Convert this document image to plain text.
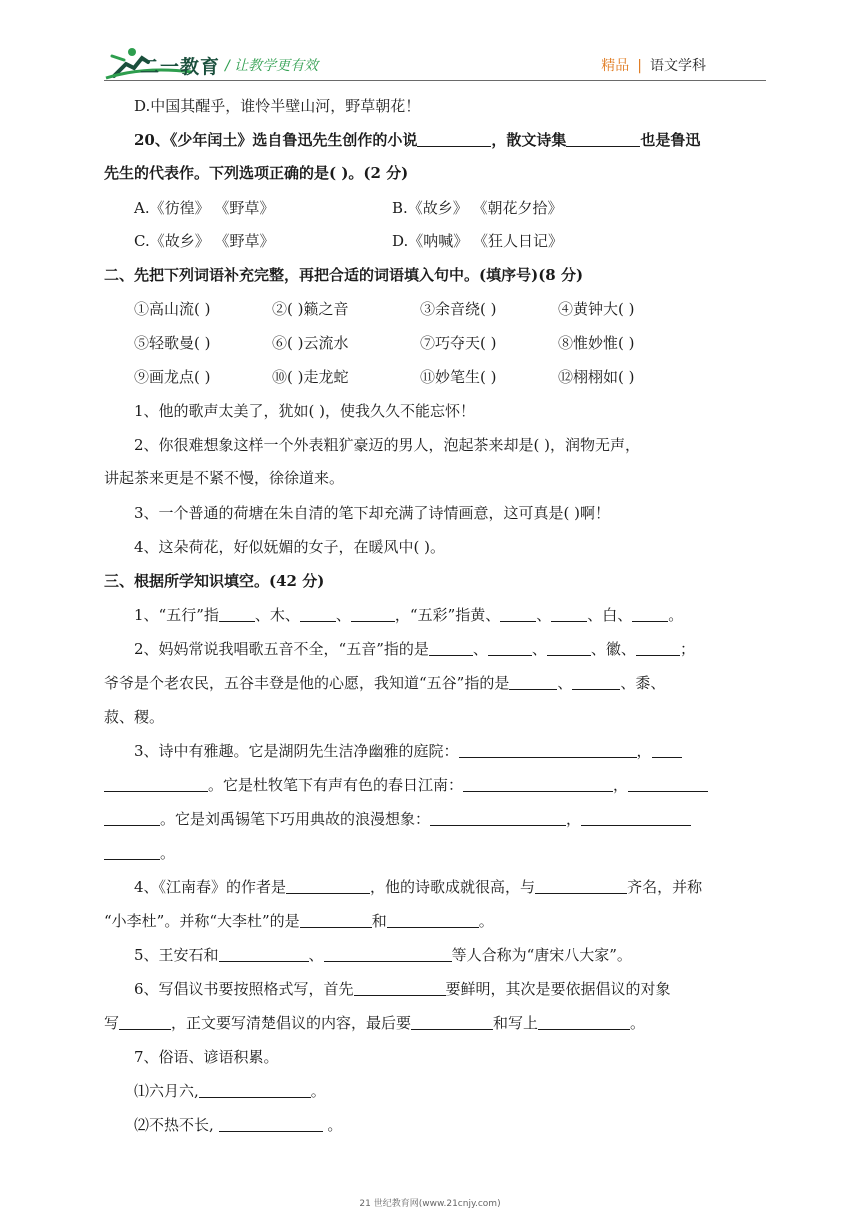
二一教育 / 让教学更有效	精品 | 语文学科
D.中国其醒乎，谁怜半壁山河，野草朝花！
20、《少年闰土》选自鲁迅先生创作的小说	，散文诗集	也是鲁迅
先生的代表作。下列选项正确的是( )。(2 分)
A.《彷徨》 《野草》	B.《故乡》 《朝花夕拾》
C.《故乡》 《野草》	D.《呐喊》 《狂人日记》
二、先把下列词语补充完整，再把合适的词语填入句中。(填序号)(8 分)
①高山流( )	②( )籁之音	③余音绕( )	④黄钟大( )
⑤轻歌曼( )	⑥( )云流水	⑦巧夺天( )	⑧惟妙惟( )
⑨画龙点( )	⑩( )走龙蛇	⑪妙笔生( )	⑫栩栩如( )
1、他的歌声太美了，犹如( )，使我久久不能忘怀！
2、你很难想象这样一个外表粗犷豪迈的男人，泡起茶来却是( )，润物无声，
讲起茶来更是不紧不慢，徐徐道来。
3、一个普通的荷塘在朱自清的笔下却充满了诗情画意，这可真是( )啊！
4、这朵荷花，好似妩媚的女子，在暖风中( )。
三、根据所学知识填空。(42 分)
1、“五行”指 、木、 、	，“五彩”指黄、 、 、白、 。
2、妈妈常说我唱歌五音不全，“五音”指的是	、	、	、徽、	；
爷爷是个老农民，五谷丰登是他的心愿，我知道“五谷”指的是	、	、黍、
菽、稷。
3、诗中有雅趣。它是湖阴先生洁净幽雅的庭院：	，
。它是杜牧笔下有声有色的春日江南：	，
。它是刘禹锡笔下巧用典故的浪漫想象：	，
。
4、《江南春》的作者是	，他的诗歌成就很高，与	齐名，并称
“小李杜”。并称“大李杜”的是	和	。
5、王安石和	、	等人合称为“唐宋八大家”。
6、写倡议书要按照格式写，首先	要鲜明，其次是要依据倡议的对象
写	，正文要写清楚倡议的内容，最后要	和写上	。
7、俗语、谚语积累。
⑴六月六,	。
⑵不热不长,	。
21 世纪教育网(www.21cnjy.com)
